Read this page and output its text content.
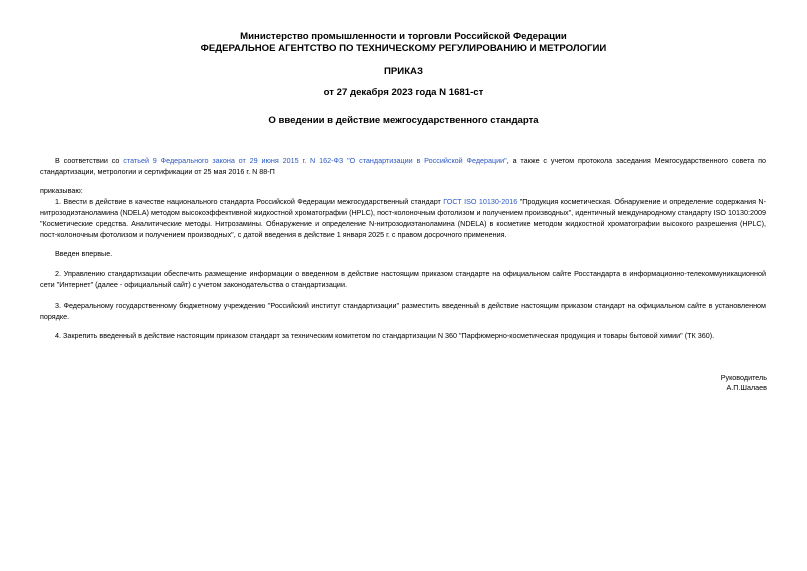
Министерство промышленности и торговли Российской Федерации
ФЕДЕРАЛЬНОЕ АГЕНТСТВО ПО ТЕХНИЧЕСКОМУ РЕГУЛИРОВАНИЮ И МЕТРОЛОГИИ
ПРИКАЗ
от 27 декабря 2023 года N 1681-ст
О введении в действие межгосударственного стандарта
В соответствии со статьей 9 Федерального закона от 29 июня 2015 г. N 162-ФЗ "О стандартизации в Российской Федерации", а также с учетом протокола заседания Межгосударственного совета по стандартизации, метрологии и сертификации от 25 мая 2016 г. N 88-П
приказываю:
1. Ввести в действие в качестве национального стандарта Российской Федерации межгосударственный стандарт ГОСТ ISO 10130-2016 "Продукция косметическая. Обнаружение и определение содержания N-нитрозодиэтаноламина (NDELA) методом высокоэффективной жидкостной хроматографии (HPLC), пост-колоночным фотолизом и получением производных", идентичный международному стандарту ISO 10130:2009 "Косметические средства. Аналитические методы. Нитрозамины. Обнаружение и определение N-нитрозодиэтаноламина (NDELA) в косметике методом жидкостной хроматографии высокого разрешения (HPLC), пост-колоночным фотолизом и получением производных", с датой введения в действие 1 января 2025 г. с правом досрочного применения.
Введен впервые.
2. Управлению стандартизации обеспечить размещение информации о введенном в действие настоящим приказом стандарте на официальном сайте Росстандарта в информационно-телекоммуникационной сети "Интернет" (далее - официальный сайт) с учетом законодательства о стандартизации.
3. Федеральному государственному бюджетному учреждению "Российский институт стандартизации" разместить введенный в действие настоящим приказом стандарт на официальном сайте в установленном порядке.
4. Закрепить введенный в действие настоящим приказом стандарт за техническим комитетом по стандартизации N 360 "Парфюмерно-косметическая продукция и товары бытовой химии" (ТК 360).
Руководитель
А.П.Шалаев
